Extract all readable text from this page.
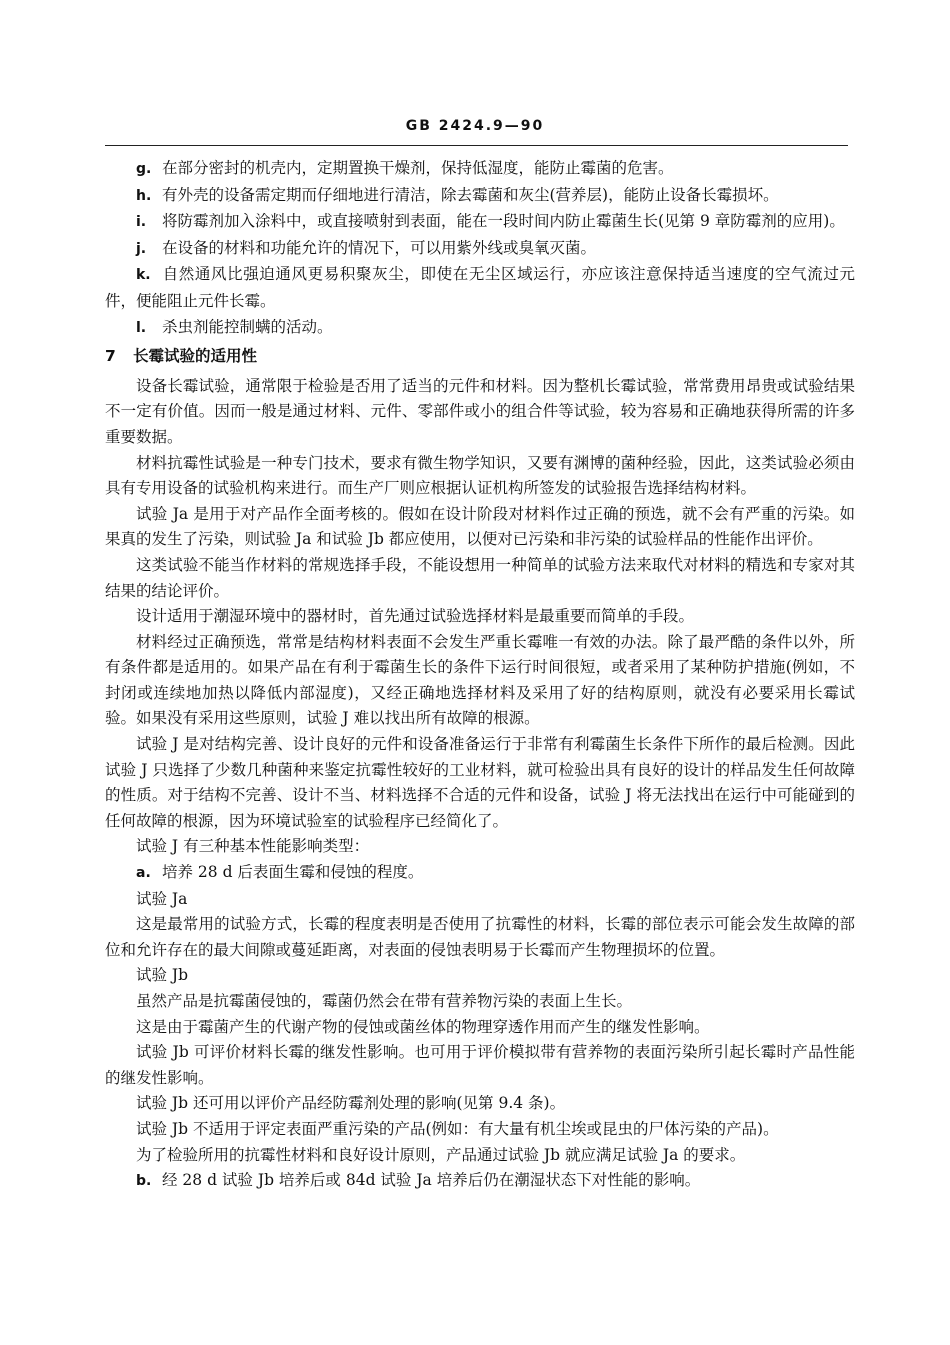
GB 2424.9—90

g. 在部分密封的机壳内，定期置换干燥剂，保持低湿度，能防止霉菌的危害。

h. 有外壳的设备需定期而仔细地进行清洁，除去霉菌和灰尘(营养层)，能防止设备长霉损坏。

i. 将防霉剂加入涂料中，或直接喷射到表面，能在一段时间内防止霉菌生长(见第 9 章防霉剂的应用)。

j. 在设备的材料和功能允许的情况下，可以用紫外线或臭氧灭菌。

k. 自然通风比强迫通风更易积聚灰尘，即使在无尘区域运行，亦应该注意保持适当速度的空气流过元件，便能阻止元件长霉。

l. 杀虫剂能控制螨的活动。

7 长霉试验的适用性

设备长霉试验，通常限于检验是否用了适当的元件和材料。因为整机长霉试验，常常费用昂贵或试验结果不一定有价值。因而一般是通过材料、元件、零部件或小的组合件等试验，较为容易和正确地获得所需的许多重要数据。

材料抗霉性试验是一种专门技术，要求有微生物学知识，又要有渊博的菌种经验，因此，这类试验必须由具有专用设备的试验机构来进行。而生产厂则应根据认证机构所签发的试验报告选择结构材料。

试验 Ja 是用于对产品作全面考核的。假如在设计阶段对材料作过正确的预选，就不会有严重的污染。如果真的发生了污染，则试验 Ja 和试验 Jb 都应使用，以便对已污染和非污染的试验样品的性能作出评价。

这类试验不能当作材料的常规选择手段，不能设想用一种简单的试验方法来取代对材料的精选和专家对其结果的结论评价。

设计适用于潮湿环境中的器材时，首先通过试验选择材料是最重要而简单的手段。

材料经过正确预选，常常是结构材料表面不会发生严重长霉唯一有效的办法。除了最严酷的条件以外，所有条件都是适用的。如果产品在有利于霉菌生长的条件下运行时间很短，或者采用了某种防护措施(例如，不封闭或连续地加热以降低内部湿度)，又经正确地选择材料及采用了好的结构原则，就没有必要采用长霉试验。如果没有采用这些原则，试验 J 难以找出所有故障的根源。

试验 J 是对结构完善、设计良好的元件和设备准备运行于非常有利霉菌生长条件下所作的最后检测。因此试验 J 只选择了少数几种菌种来鉴定抗霉性较好的工业材料，就可检验出具有良好的设计的样品发生任何故障的性质。对于结构不完善、设计不当、材料选择不合适的元件和设备，试验 J 将无法找出在运行中可能碰到的任何故障的根源，因为环境试验室的试验程序已经简化了。

试验 J 有三种基本性能影响类型：

a. 培养 28 d 后表面生霉和侵蚀的程度。

试验 Ja

这是最常用的试验方式，长霉的程度表明是否使用了抗霉性的材料，长霉的部位表示可能会发生故障的部位和允许存在的最大间隙或蔓延距离，对表面的侵蚀表明易于长霉而产生物理损坏的位置。

试验 Jb

虽然产品是抗霉菌侵蚀的，霉菌仍然会在带有营养物污染的表面上生长。

这是由于霉菌产生的代谢产物的侵蚀或菌丝体的物理穿透作用而产生的继发性影响。

试验 Jb 可评价材料长霉的继发性影响。也可用于评价模拟带有营养物的表面污染所引起长霉时产品性能的继发性影响。

试验 Jb 还可用以评价产品经防霉剂处理的影响(见第 9.4 条)。

试验 Jb 不适用于评定表面严重污染的产品(例如：有大量有机尘埃或昆虫的尸体污染的产品)。

为了检验所用的抗霉性材料和良好设计原则，产品通过试验 Jb 就应满足试验 Ja 的要求。

b. 经 28 d 试验 Jb 培养后或 84d 试验 Ja 培养后仍在潮湿状态下对性能的影响。
